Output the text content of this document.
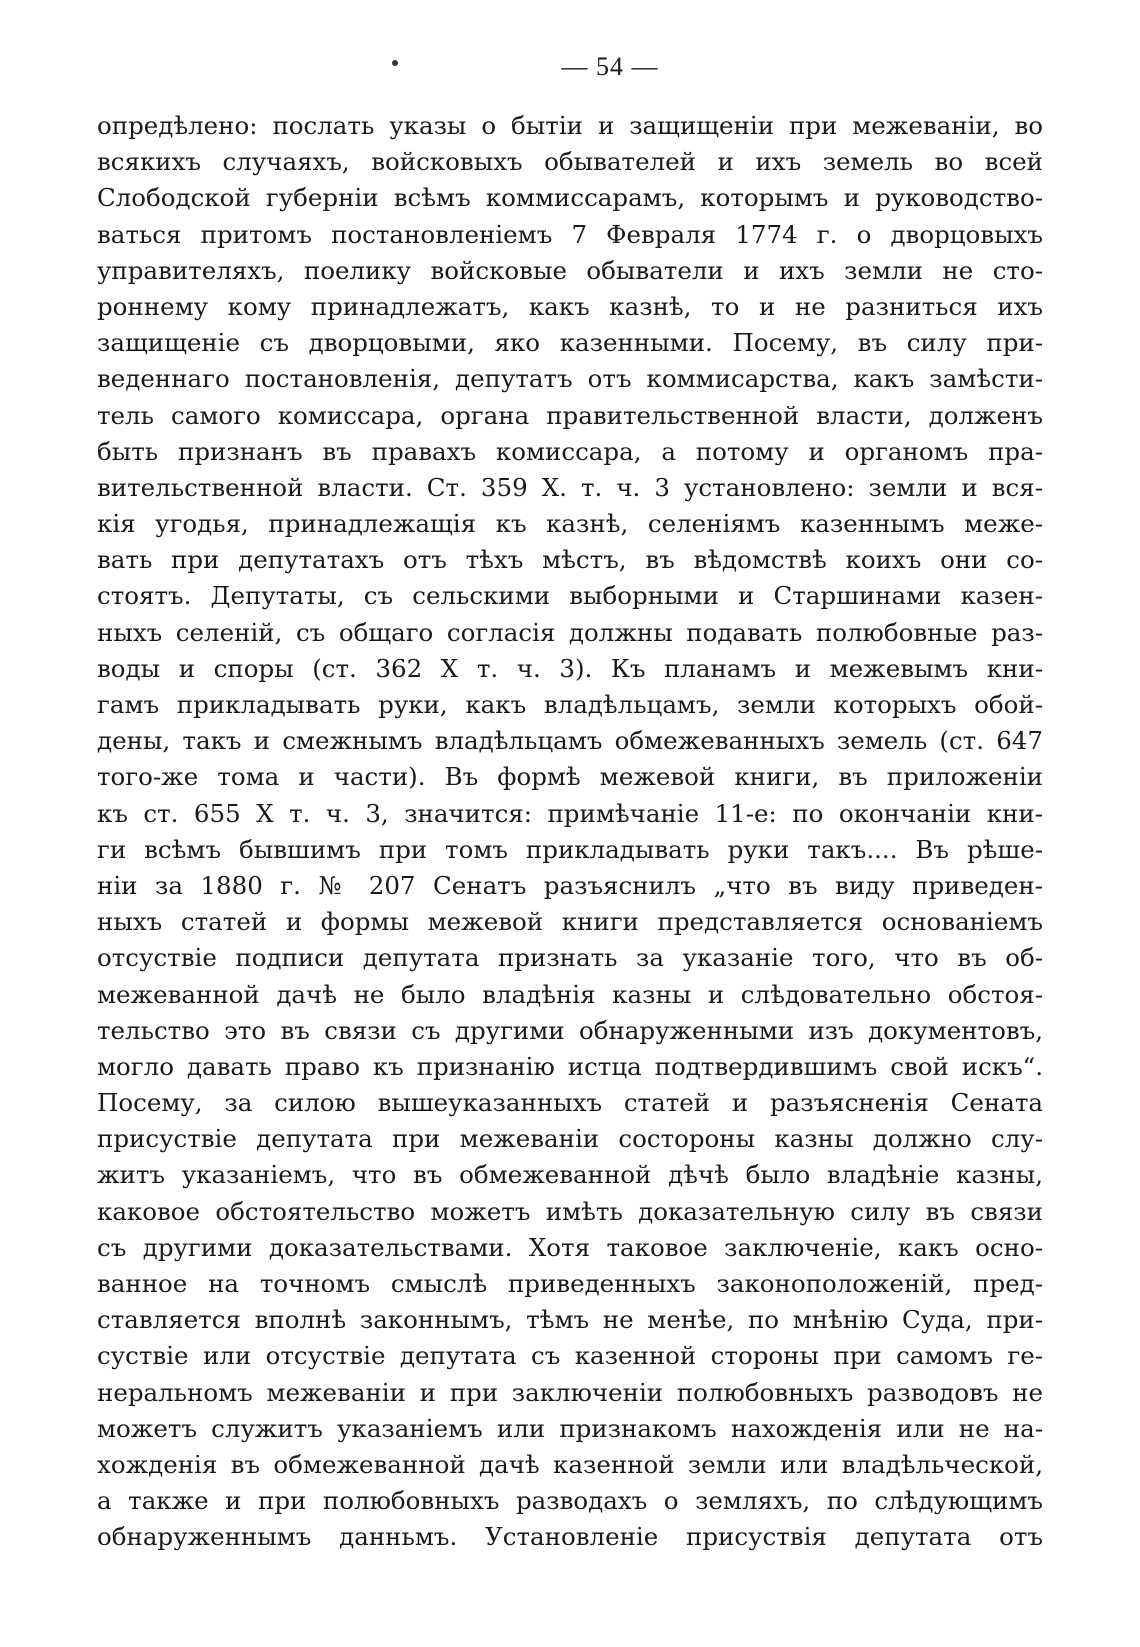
— 54 —
опредѣлено: послать указы о бытіи и защищеніи при межеваніи, во
всякихъ случаяхъ, войсковыхъ обывателей и ихъ земель во всей
Слободской губерніи всѣмъ коммиссарамъ, которымъ и руководство-
ваться притомъ постановленіемъ 7 Февраля 1774 г. о дворцовыхъ
управителяхъ, поелику войсковые обыватели и ихъ земли не сто-
роннему кому принадлежатъ, какъ казнѣ, то и не разниться ихъ
защищеніе съ дворцовыми, яко казенными. Посему, въ силу при-
веденнаго постановленія, депутатъ отъ коммисарства, какъ замѣсти-
тель самого комиссара, органа правительственной власти, долженъ
быть признанъ въ правахъ комиссара, а потому и органомъ пра-
вительственной власти. Ст. 359 X. т. ч. 3 установлено: земли и вся-
кія угодья, принадлежащія къ казнѣ, селеніямъ казеннымъ меже-
вать при депутатахъ отъ тѣхъ мѣстъ, въ вѣдомствѣ коихъ они со-
стоятъ. Депутаты, съ сельскими выборными и Старшинами казен-
ныхъ селеній, съ общаго согласія должны подавать полюбовные раз-
воды и споры (ст. 362 X т. ч. 3). Къ планамъ и межевымъ кни-
гамъ прикладывать руки, какъ владѣльцамъ, земли которыхъ обой-
дены, такъ и смежнымъ владѣльцамъ обмежеванныхъ земель (ст. 647
того-же тома и части). Въ формѣ межевой книги, въ приложеніи
къ ст. 655 X т. ч. 3, значится: примѣчаніе 11-е: по окончаніи кни-
ги всѣмъ бывшимъ при томъ прикладывать руки такъ.... Въ рѣше-
ніи за 1880 г. № 207 Сенатъ разъяснилъ „что въ виду приведен-
ныхъ статей и формы межевой книги представляется основаніемъ
отсуствіе подписи депутата признать за указаніе того, что въ об-
межеванной дачѣ не было владѣнія казны и слѣдовательно обстоя-
тельство это въ связи съ другими обнаруженными изъ документовъ,
могло давать право къ признанію истца подтвердившимъ свой искъ“.
Посему, за силою вышеуказанныхъ статей и разъясненія Сената
присуствіе депутата при межеваніи состороны казны должно слу-
житъ указаніемъ, что въ обмежеванной дѣчѣ было владѣніе казны,
каковое обстоятельство можетъ имѣть доказательную силу въ связи
съ другими доказательствами. Хотя таковое заключеніе, какъ осно-
ванное на точномъ смыслѣ приведенныхъ законоположеній, пред-
ставляется вполнѣ законнымъ, тѣмъ не менѣе, по мнѣнію Суда, при-
суствіе или отсуствіе депутата съ казенной стороны при самомъ ге-
неральномъ межеваніи и при заключеніи полюбовныхъ разводовъ не
можетъ служитъ указаніемъ или признакомъ нахожденія или не на-
хожденія въ обмежеванной дачѣ казенной земли или владѣльческой,
а также и при полюбовныхъ разводахъ о земляхъ, по слѣдующимъ
обнаруженнымъ данньмъ. Установленіе присуствія депутата отъ
